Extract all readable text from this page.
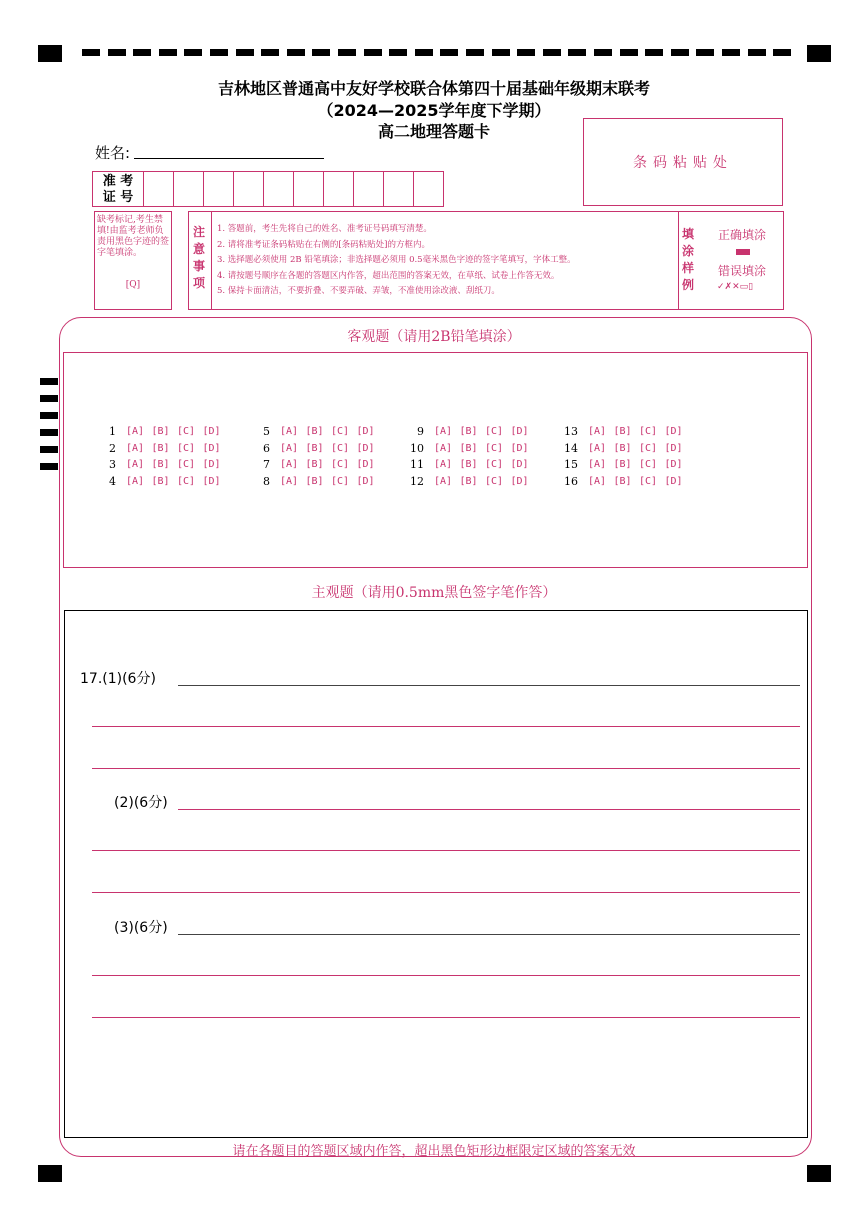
吉林地区普通高中友好学校联合体第四十届基础年级期末联考
（2024—2025学年度下学期）
高二地理答题卡
姓名:
条码粘贴处
准 考
证 号
缺考标记,考生禁填!由监考老师负责用黑色字迹的签字笔填涂。
[Q]
注
意
事
项
1. 答题前，考生先将自己的姓名、准考证号码填写清楚。
2. 请将准考证条码粘贴在右侧的[条码粘贴处]的方框内。
3. 选择题必须使用 2B 铅笔填涂；非选择题必须用 0.5毫米黑色字迹的签字笔填写，字体工整。
4. 请按题号顺序在各题的答题区内作答，超出范围的答案无效，在草纸、试卷上作答无效。
5. 保持卡面清洁，不要折叠、不要弄破、弄皱，不准使用涂改液、刮纸刀。
填
涂
样
例
正确填涂
错误填涂
✓✗✕▭▯
客观题（请用2B铅笔填涂）
1	[A] [B] [C] [D]
2	[A] [B] [C] [D]
3	[A] [B] [C] [D]
4	[A] [B] [C] [D]
5	[A] [B] [C] [D]
6	[A] [B] [C] [D]
7	[A] [B] [C] [D]
8	[A] [B] [C] [D]
9	[A] [B] [C] [D]
10	[A] [B] [C] [D]
11	[A] [B] [C] [D]
12	[A] [B] [C] [D]
13	[A] [B] [C] [D]
14	[A] [B] [C] [D]
15	[A] [B] [C] [D]
16	[A] [B] [C] [D]
主观题（请用0.5mm黑色签字笔作答）
17.(1)(6分)
(2)(6分)
(3)(6分)
请在各题目的答题区域内作答，超出黑色矩形边框限定区域的答案无效
